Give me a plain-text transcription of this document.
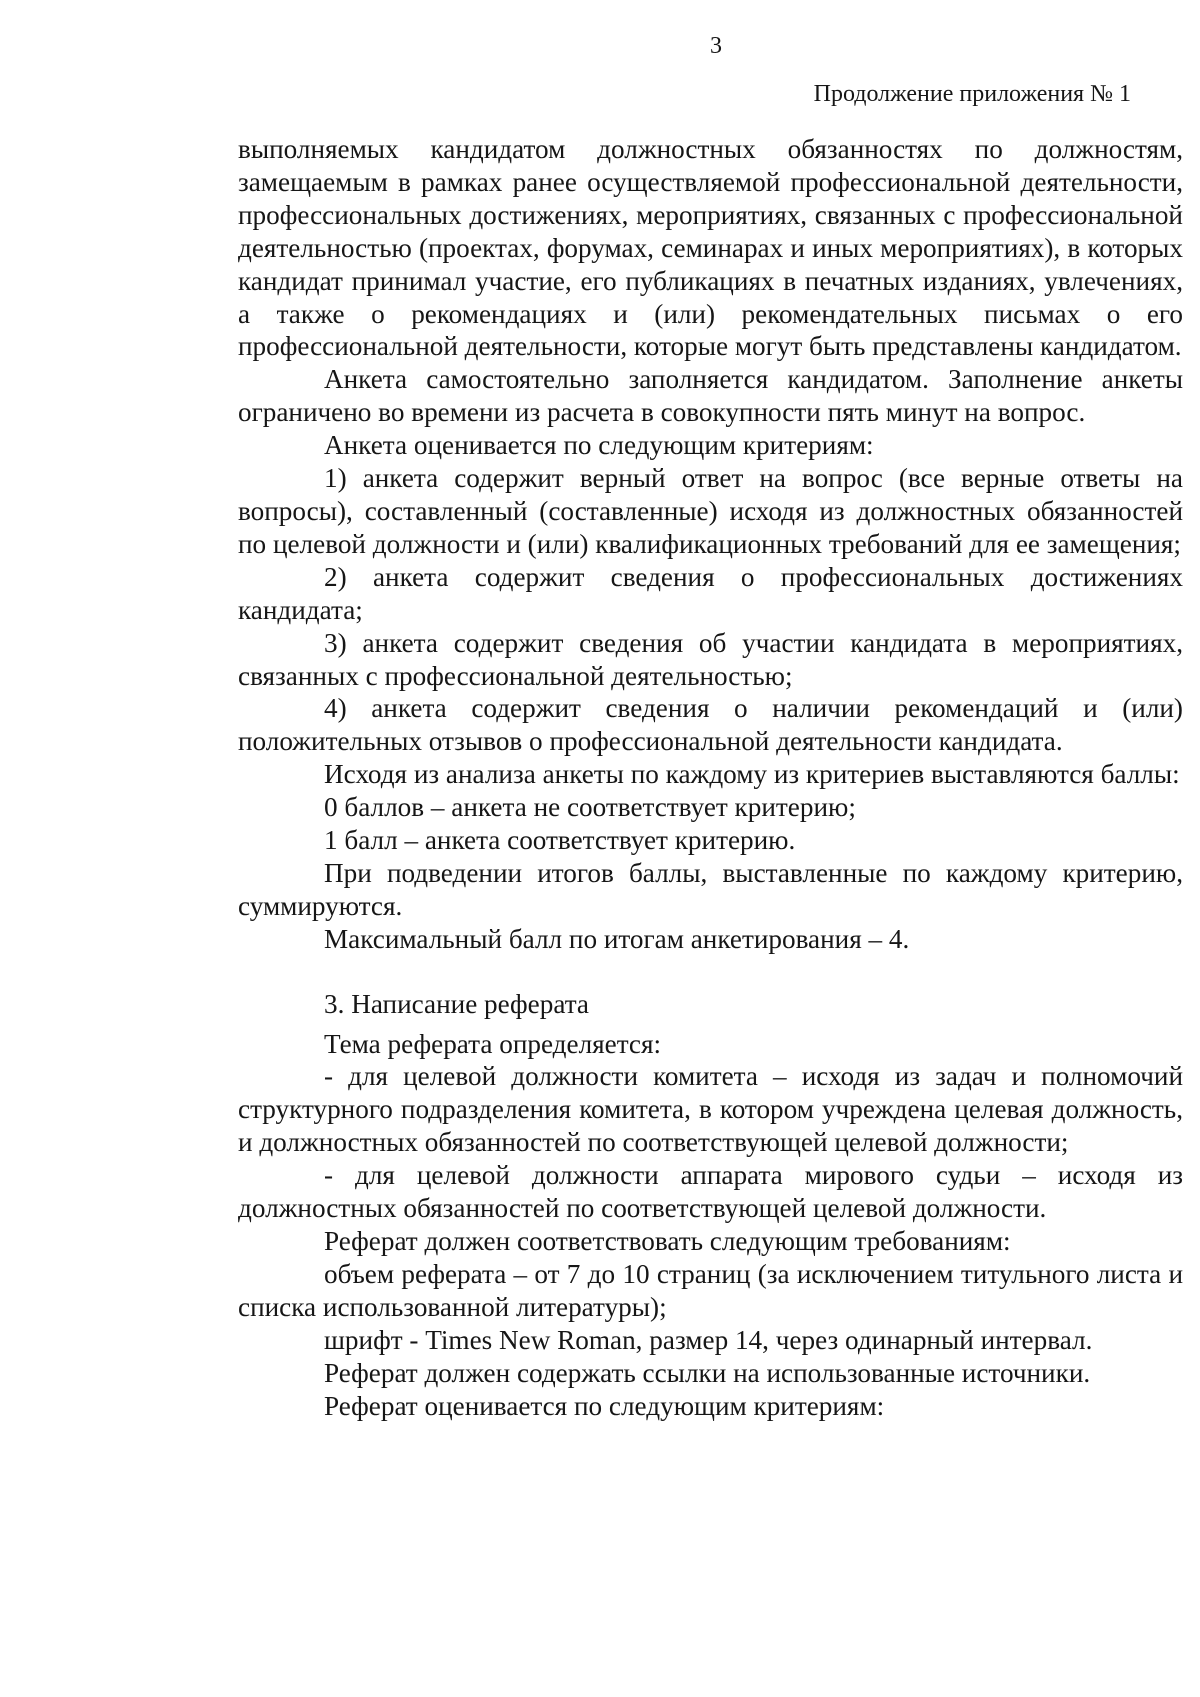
3
Продолжение приложения № 1

выполняемых кандидатом должностных обязанностях по должностям, замещаемым в рамках ранее осуществляемой профессиональной деятельности, профессиональных достижениях, мероприятиях, связанных с профессиональной деятельностью (проектах, форумах, семинарах и иных мероприятиях), в которых кандидат принимал участие, его публикациях в печатных изданиях, увлечениях, а также о рекомендациях и (или) рекомендательных письмах о его профессиональной деятельности, которые могут быть представлены кандидатом.

Анкета самостоятельно заполняется кандидатом. Заполнение анкеты ограничено во времени из расчета в совокупности пять минут на вопрос.

Анкета оценивается по следующим критериям:

1) анкета содержит верный ответ на вопрос (все верные ответы на вопросы), составленный (составленные) исходя из должностных обязанностей по целевой должности и (или) квалификационных требований для ее замещения;

2) анкета содержит сведения о профессиональных достижениях кандидата;

3) анкета содержит сведения об участии кандидата в мероприятиях, связанных с профессиональной деятельностью;

4) анкета содержит сведения о наличии рекомендаций и (или) положительных отзывов о профессиональной деятельности кандидата.

Исходя из анализа анкеты по каждому из критериев выставляются баллы:

0 баллов – анкета не соответствует критерию;

1 балл – анкета соответствует критерию.

При подведении итогов баллы, выставленные по каждому критерию, суммируются.

Максимальный балл по итогам анкетирования – 4.

3. Написание реферата

Тема реферата определяется:

- для целевой должности комитета – исходя из задач и полномочий структурного подразделения комитета, в котором учреждена целевая должность, и должностных обязанностей по соответствующей целевой должности;

- для целевой должности аппарата мирового судьи – исходя из должностных обязанностей по соответствующей целевой должности.

Реферат должен соответствовать следующим требованиям:

объем реферата – от 7 до 10 страниц (за исключением титульного листа и списка использованной литературы);

шрифт - Times New Roman, размер 14, через одинарный интервал.

Реферат должен содержать ссылки на использованные источники.

Реферат оценивается по следующим критериям:
